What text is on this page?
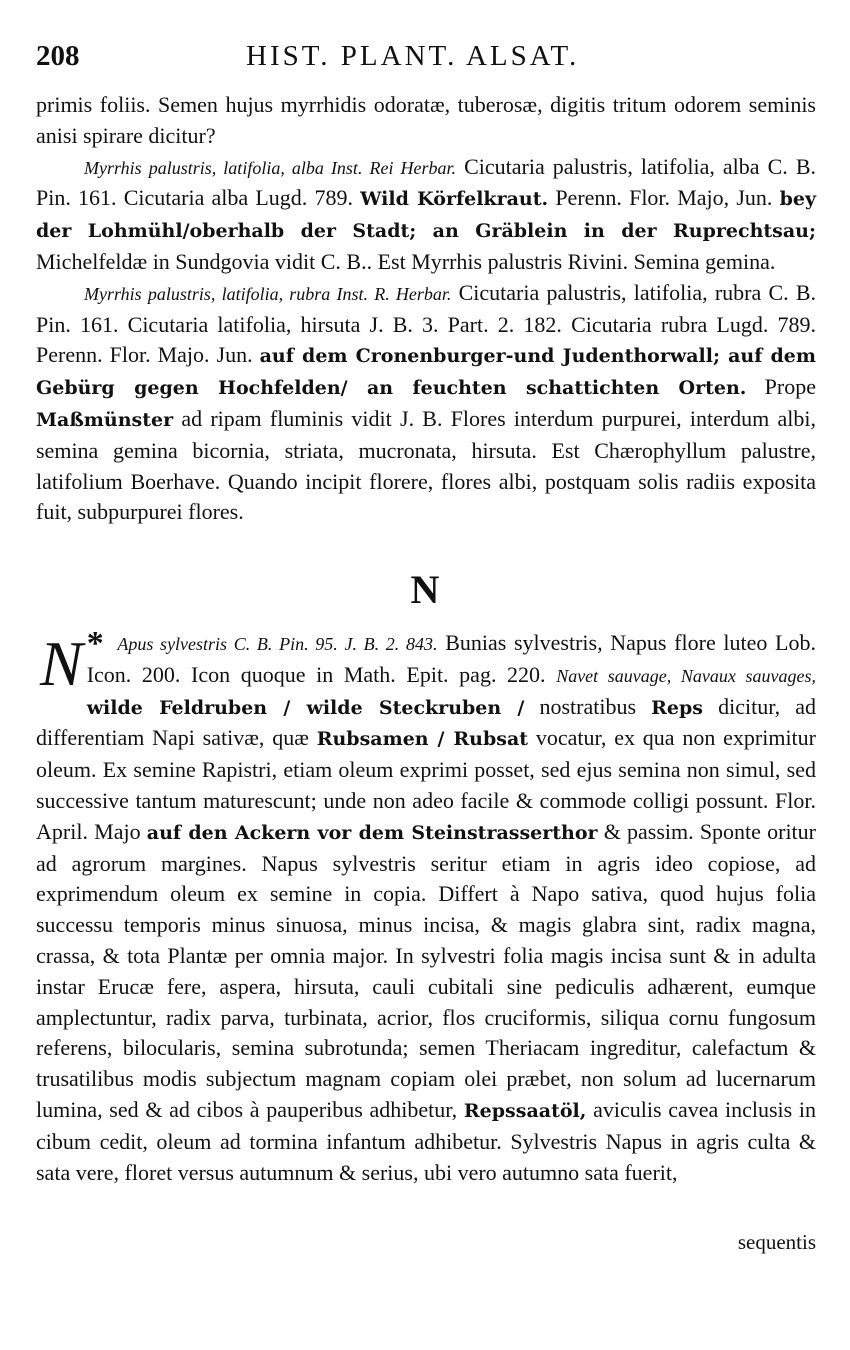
208	HIST. PLANT. ALSAT.

primis foliis. Semen hujus myrrhidis odoratæ, tuberosæ, digitis tritum odorem seminis anisi spirare dicitur?

Myrrhis palustris, latifolia, alba Inst. Rei Herbar. Cicutaria palustris, latifolia, alba C. B. Pin. 161. Cicutaria alba Lugd. 789. Wild Körfelkraut. Perenn. Flor. Majo, Jun. bey der Lohmühl/oberhalb der Stadt; an Gräblein in der Ruprechtsau; Michelfeldæ in Sundgovia vidit C. B.. Est Myrrhis palustris Rivini. Semina gemina.

Myrrhis palustris, latifolia, rubra Inst. R. Herbar. Cicutaria palustris, latifolia, rubra C. B. Pin. 161. Cicutaria latifolia, hirsuta J. B. 3. Part. 2. 182. Cicutaria rubra Lugd. 789. Perenn. Flor. Majo. Jun. auf dem Cronenburger-und Judenthorwall; auf dem Gebürg gegen Hochfelden/ an feuchten schattichten Orten. Prope Maßmünster ad ripam fluminis vidit J. B. Flores interdum purpurei, interdum albi, semina gemina bicornia, striata, mucronata, hirsuta. Est Chærophyllum palustre, latifolium Boerhave. Quando incipit florere, flores albi, postquam solis radiis exposita fuit, subpurpurei flores.

N

*
N Apus sylvestris C. B. Pin. 95. J. B. 2. 843. Bunias sylvestris, Napus flore luteo Lob. Icon. 200. Icon quoque in Math. Epit. pag. 220. Navet sauvage, Navaux sauvages, wilde Feldruben / wilde Steckruben / nostratibus Reps dicitur, ad differentiam Napi sativæ, quæ Rubsamen / Rubsat vocatur, ex qua non exprimitur oleum. Ex semine Rapistri, etiam oleum exprimi posset, sed ejus semina non simul, sed successive tantum maturescunt; unde non adeo facile & commode colligi possunt. Flor. April. Majo auf den Ackern vor dem Steinstrasserthor & passim. Sponte oritur ad agrorum margines. Napus sylvestris seritur etiam in agris ideo copiose, ad exprimendum oleum ex semine in copia. Differt à Napo sativa, quod hujus folia successu temporis minus sinuosa, minus incisa, & magis glabra sint, radix magna, crassa, & tota Plantæ per omnia major. In sylvestri folia magis incisa sunt & in adulta instar Erucæ fere, aspera, hirsuta, cauli cubitali sine pediculis adhærent, eumque amplectuntur, radix parva, turbinata, acrior, flos cruciformis, siliqua cornu fungosum referens, bilocularis, semina subrotunda; semen Theriacam ingreditur, calefactum & trusatilibus modis subjectum magnam copiam olei præbet, non solum ad lucernarum lumina, sed & ad cibos à pauperibus adhibetur, Repssaatöl, aviculis cavea inclusis in cibum cedit, oleum ad tormina infantum adhibetur. Sylvestris Napus in agris culta & sata vere, floret versus autumnum & serius, ubi vero autumno sata fuerit,

sequentis
